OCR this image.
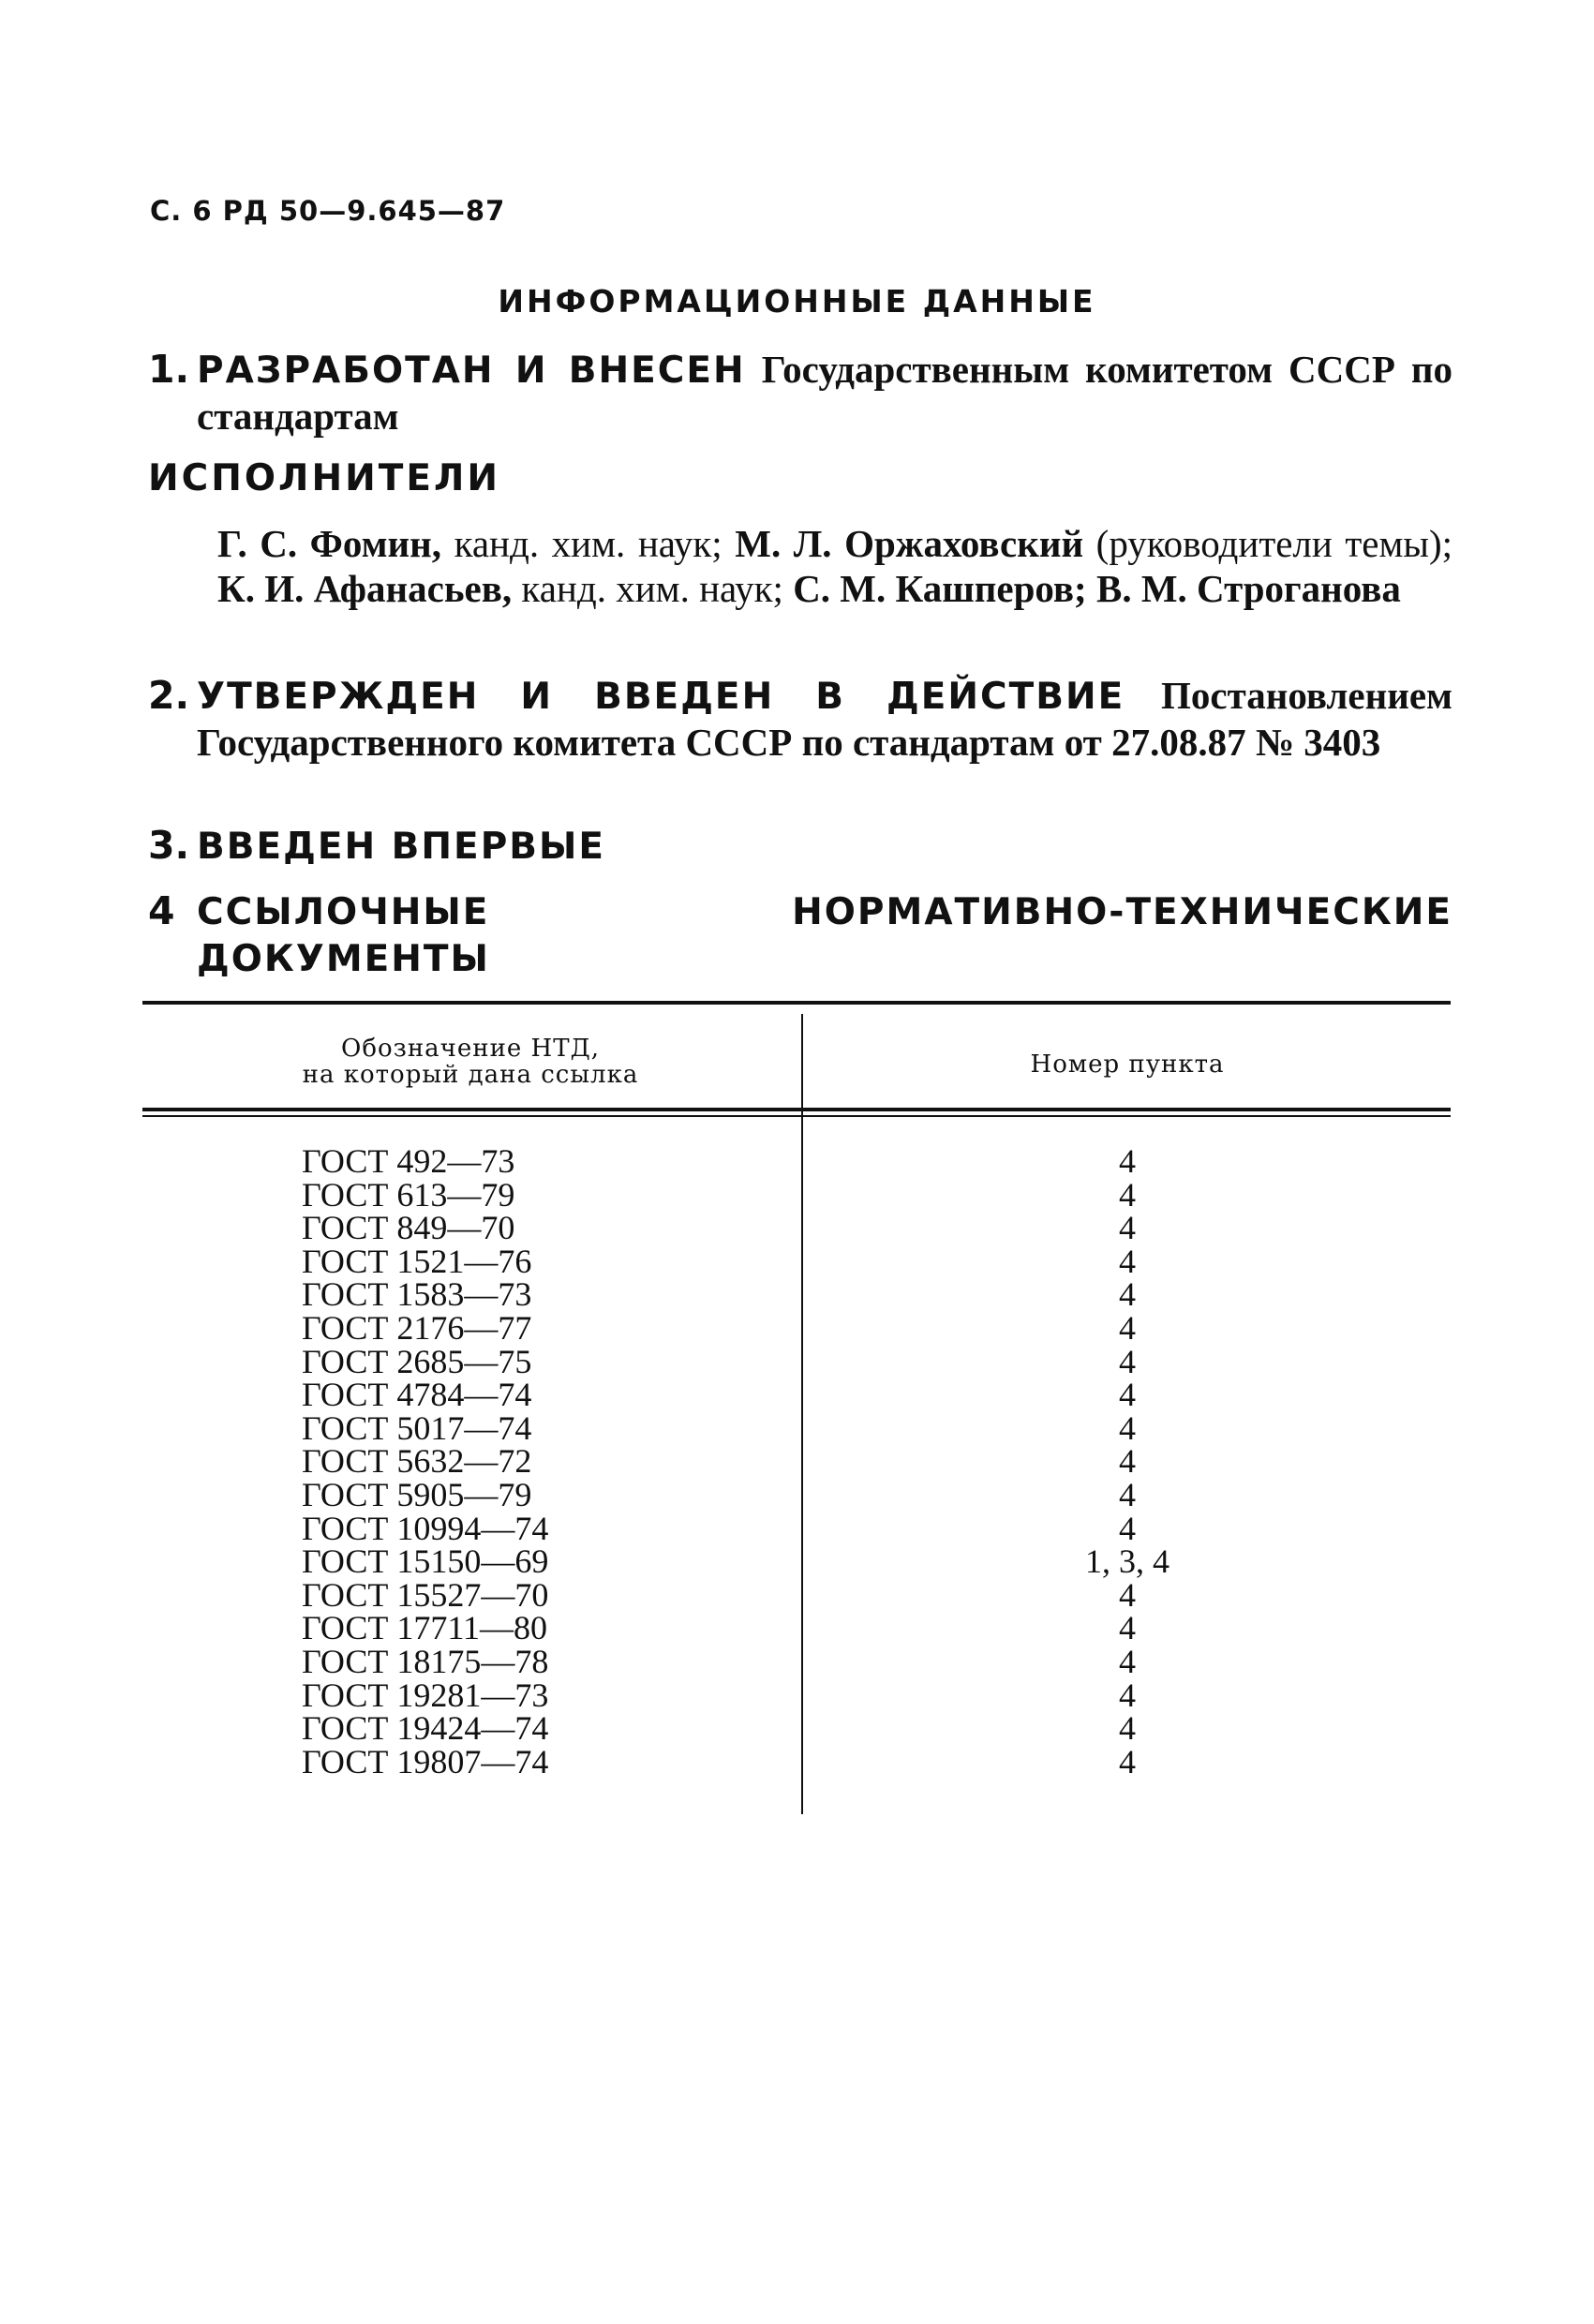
С. 6 РД 50—9.645—87
ИНФОРМАЦИОННЫЕ ДАННЫЕ
1. РАЗРАБОТАН И ВНЕСЕН Государственным комитетом СССР по стандартам
ИСПОЛНИТЕЛИ
Г. С. Фомин, канд. хим. наук; М. Л. Оржаховский (руководители темы); К. И. Афанасьев, канд. хим. наук; С. М. Кашперов; В. М. Строганова
2. УТВЕРЖДЕН И ВВЕДЕН В ДЕЙСТВИЕ Постановлением Государственного комитета СССР по стандартам от 27.08.87 № 3403
3. ВВЕДЕН ВПЕРВЫЕ
4 ССЫЛОЧНЫЕ НОРМАТИВНО-ТЕХНИЧЕСКИЕ ДОКУМЕНТЫ
Обозначение НТД,
на который дана ссылка	Номер пункта
ГОСТ 492—73
ГОСТ 613—79
ГОСТ 849—70
ГОСТ 1521—76
ГОСТ 1583—73
ГОСТ 2176—77
ГОСТ 2685—75
ГОСТ 4784—74
ГОСТ 5017—74
ГОСТ 5632—72
ГОСТ 5905—79
ГОСТ 10994—74
ГОСТ 15150—69
ГОСТ 15527—70
ГОСТ 17711—80
ГОСТ 18175—78
ГОСТ 19281—73
ГОСТ 19424—74
ГОСТ 19807—74
4
4
4
4
4
4
4
4
4
4
4
4
1, 3, 4
4
4
4
4
4
4
